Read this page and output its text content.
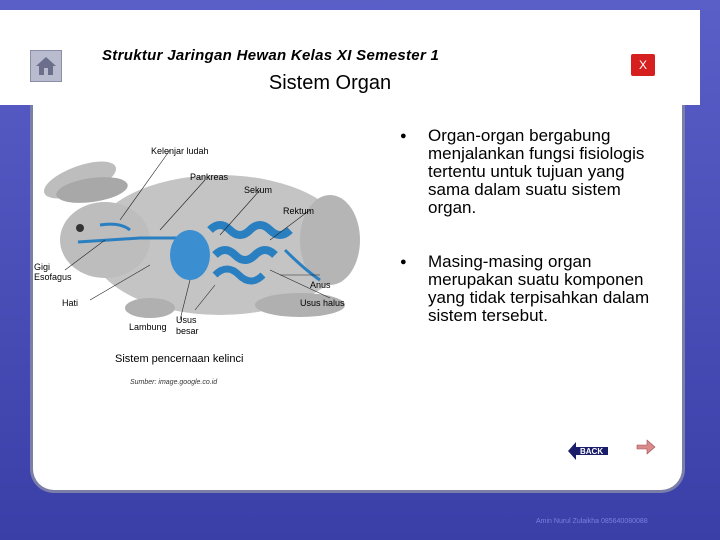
Struktur Jaringan Hewan Kelas XI Semester 1
Sistem Organ
X
Kelenjar ludah
Pankreas
Sekum
Rektum
Gigi
Esofagus
Anus
Hati	Usus halus
Usus
besar
Lambung
Sistem pencernaan kelinci
Sumber: image.google.co.id
● Organ-organ bergabung menjalankan fungsi fisiologis tertentu untuk tujuan yang sama dalam suatu sistem organ.
● Masing-masing organ merupakan suatu komponen yang tidak terpisahkan dalam sistem tersebut.
BACK
Amin Nurul Zulaikha 085640080088
